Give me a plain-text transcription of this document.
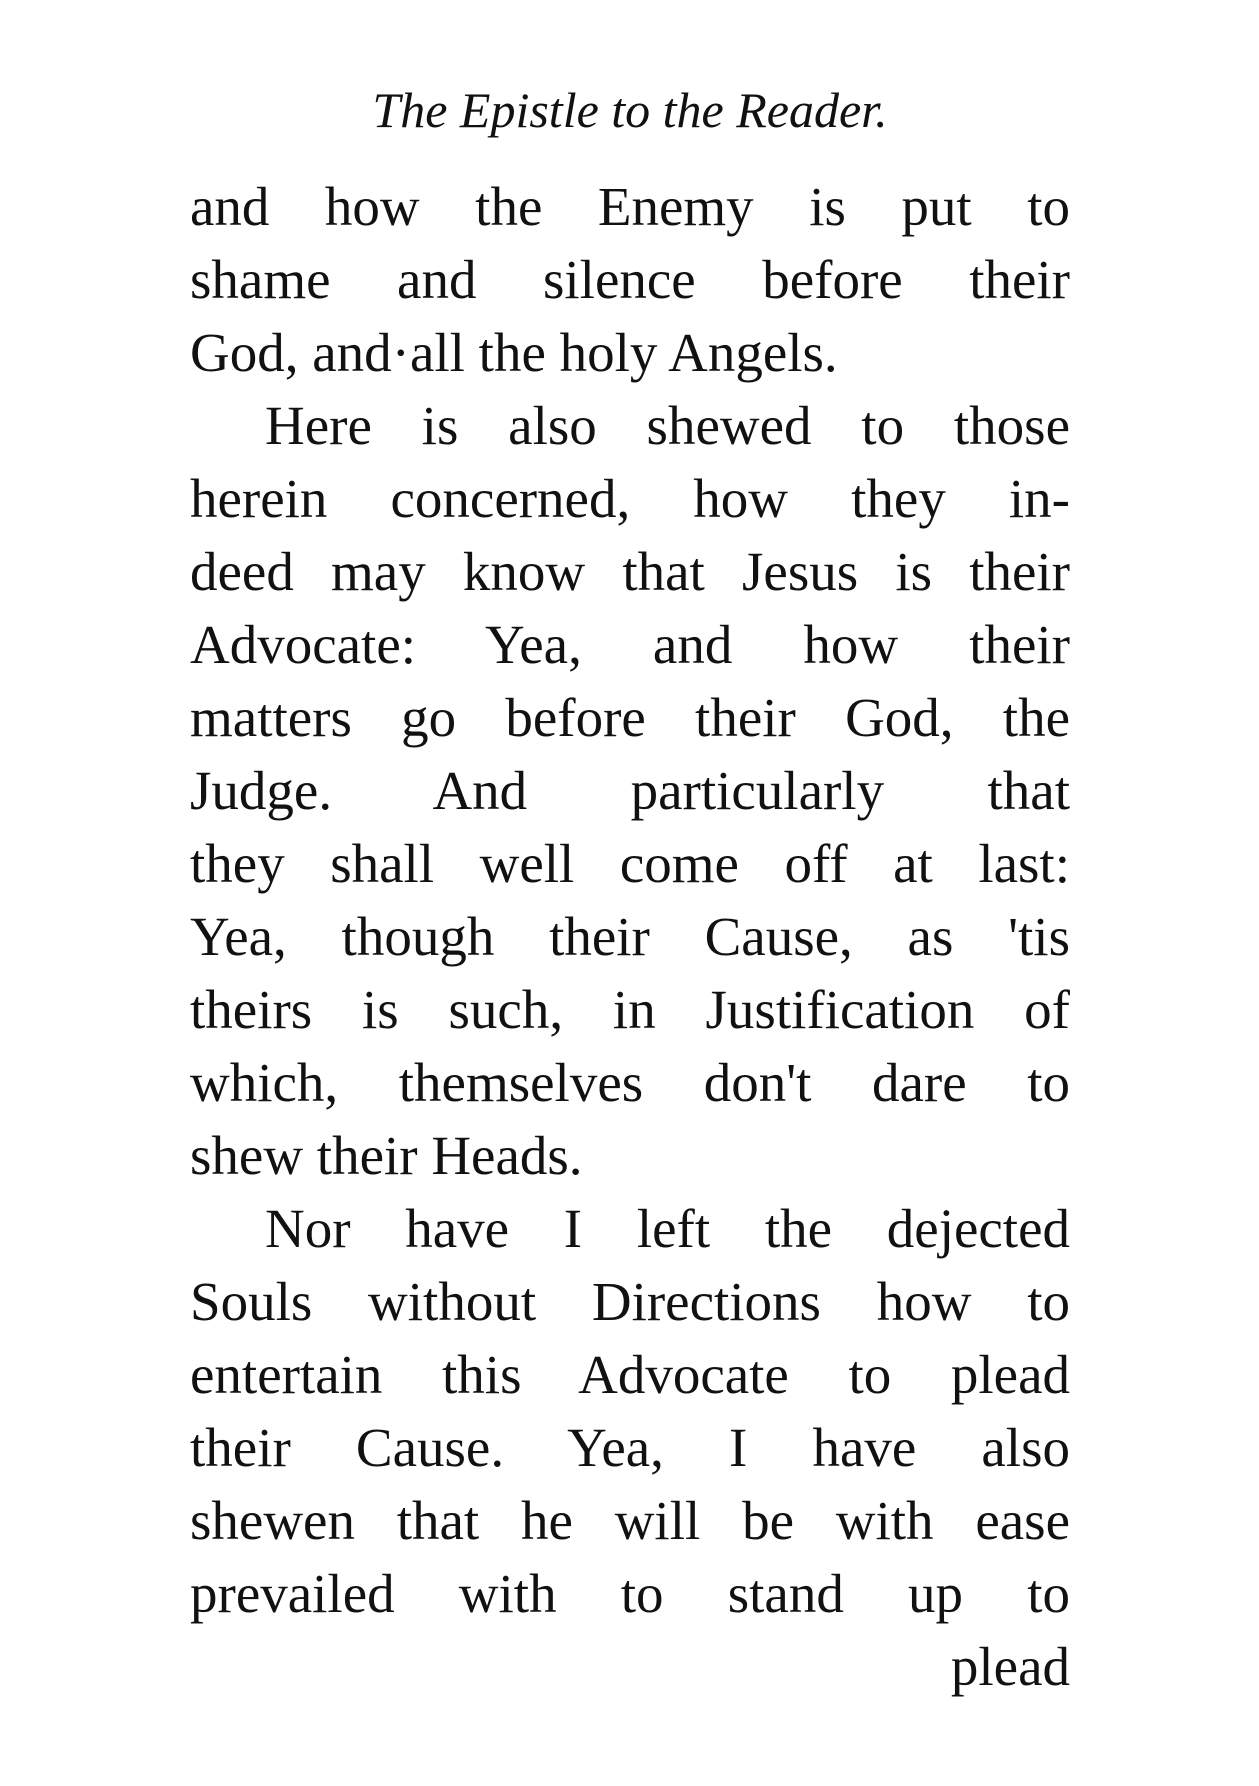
The Epistle to the Reader.
and how the Enemy is put to
shame and silence before their
God, and·all the holy Angels.
Here is also shewed to those
herein concerned, how they in-
deed may know that Jesus is their
Advocate: Yea, and how their
matters go before their God, the
Judge. And particularly that
they shall well come off at last:
Yea, though their Cause, as 'tis
theirs is such, in Justification of
which, themselves don't dare to
shew their Heads.
Nor have I left the dejected
Souls without Directions how to
entertain this Advocate to plead
their Cause. Yea, I have also
shewen that he will be with ease
prevailed with to stand up to
plead
